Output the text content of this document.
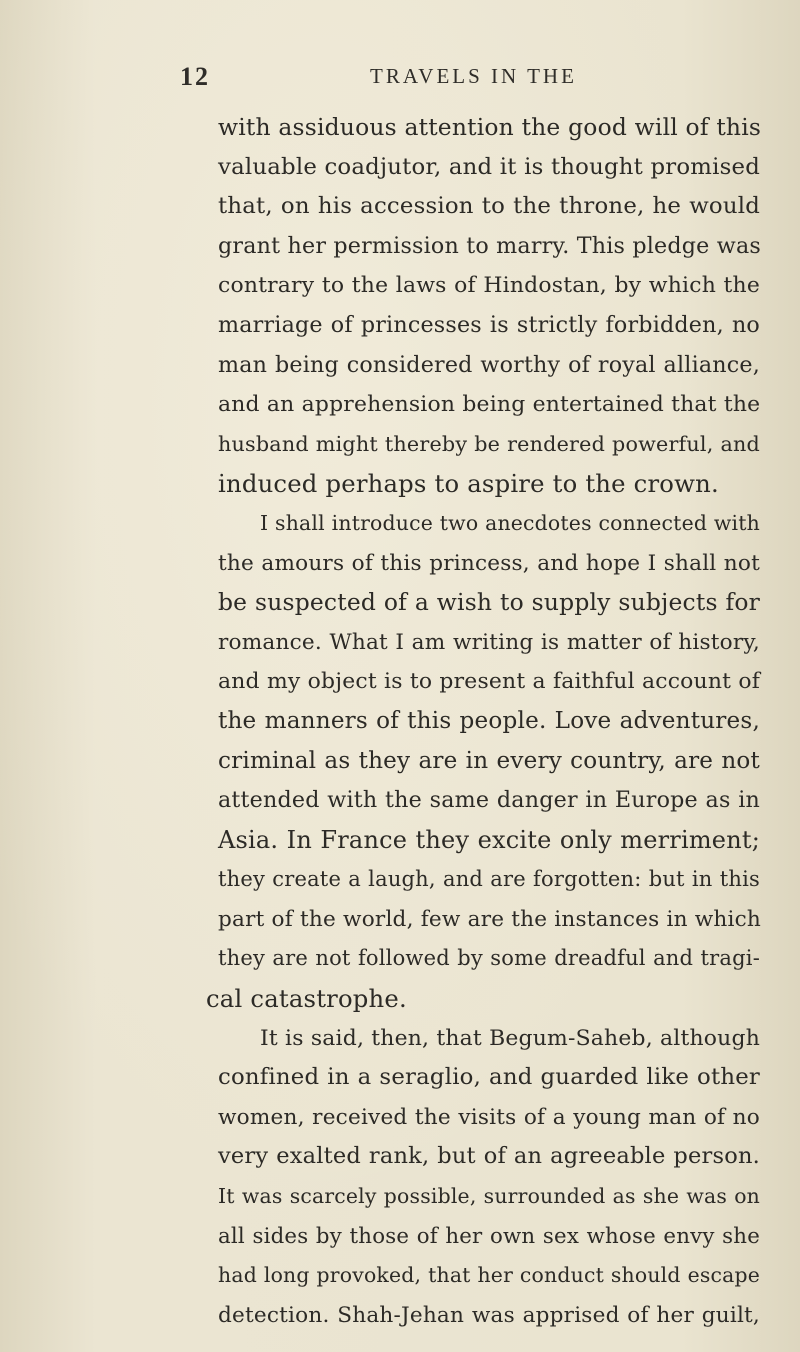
12	TRAVELS IN THE
with assiduous attention the good will of this
valuable coadjutor, and it is thought promised
that, on his accession to the throne, he would
grant her permission to marry. This pledge was
contrary to the laws of Hindostan, by which the
marriage of princesses is strictly forbidden, no
man being considered worthy of royal alliance,
and an apprehension being entertained that the
husband might thereby be rendered powerful, and
induced perhaps to aspire to the crown.
I shall introduce two anecdotes connected with
the amours of this princess, and hope I shall not
be suspected of a wish to supply subjects for
romance. What I am writing is matter of history,
and my object is to present a faithful account of
the manners of this people. Love adventures,
criminal as they are in every country, are not
attended with the same danger in Europe as in
Asia. In France they excite only merriment;
they create a laugh, and are forgotten: but in this
part of the world, few are the instances in which
they are not followed by some dreadful and tragi-
cal catastrophe.
It is said, then, that Begum-Saheb, although
confined in a seraglio, and guarded like other
women, received the visits of a young man of no
very exalted rank, but of an agreeable person.
It was scarcely possible, surrounded as she was on
all sides by those of her own sex whose envy she
had long provoked, that her conduct should escape
detection. Shah-Jehan was apprised of her guilt,
